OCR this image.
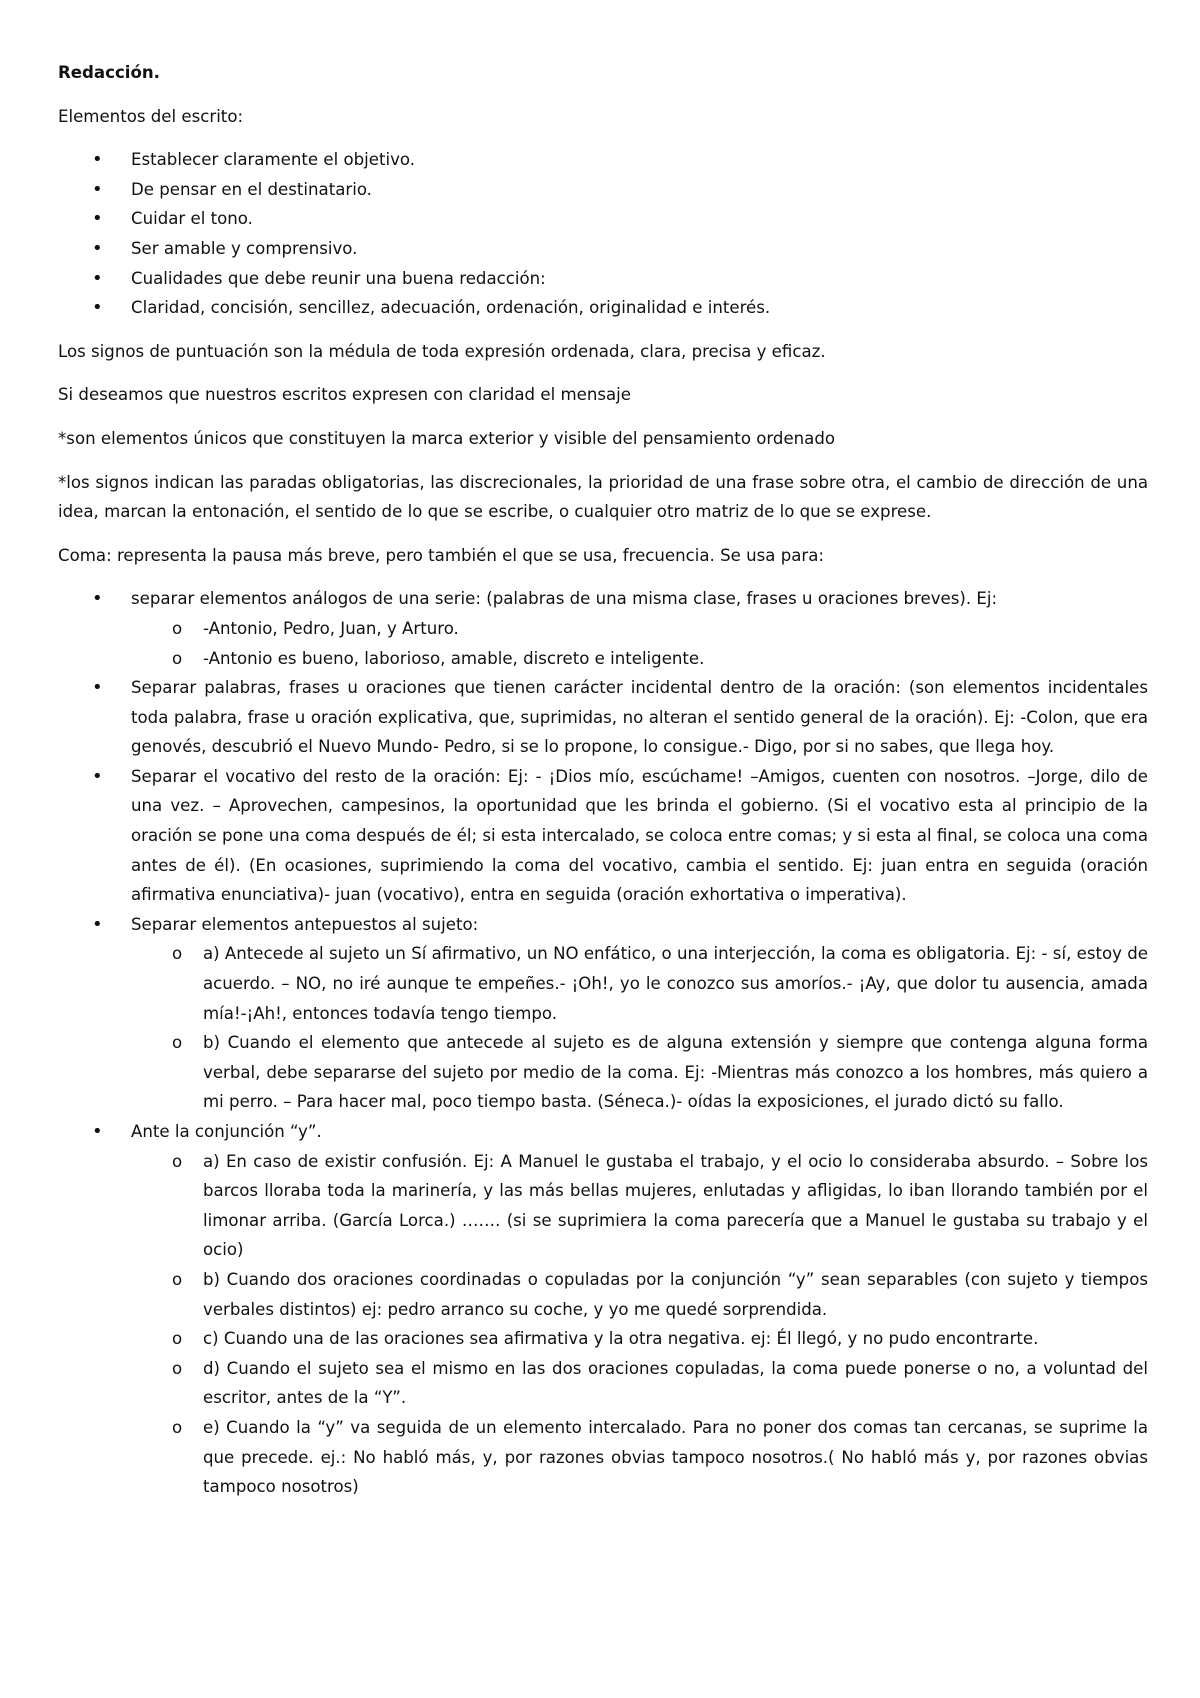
Redacción.

Elementos del escrito:

• Establecer claramente el objetivo.
• De pensar en el destinatario.
• Cuidar el tono.
• Ser amable y comprensivo.
• Cualidades que debe reunir una buena redacción:
• Claridad, concisión, sencillez, adecuación, ordenación, originalidad e interés.

Los signos de puntuación son la médula de toda expresión ordenada, clara, precisa y eficaz.

Si deseamos que nuestros escritos expresen con claridad el mensaje

*son elementos únicos que constituyen la marca exterior y visible del pensamiento ordenado

*los signos indican las paradas obligatorias, las discrecionales, la prioridad de una frase sobre otra, el cambio de dirección de una idea, marcan la entonación, el sentido de lo que se escribe, o cualquier otro matriz de lo que se exprese.

Coma: representa la pausa más breve, pero también el que se usa, frecuencia. Se usa para:

• separar elementos análogos de una serie: (palabras de una misma clase, frases u oraciones breves). Ej:
o -Antonio, Pedro, Juan, y Arturo.
o -Antonio es bueno, laborioso, amable, discreto e inteligente.
• Separar palabras, frases u oraciones que tienen carácter incidental dentro de la oración: (son elementos incidentales toda palabra, frase u oración explicativa, que, suprimidas, no alteran el sentido general de la oración). Ej: -Colon, que era genovés, descubrió el Nuevo Mundo- Pedro, si se lo propone, lo consigue.- Digo, por si no sabes, que llega hoy.
• Separar el vocativo del resto de la oración: Ej: - ¡Dios mío, escúchame! –Amigos, cuenten con nosotros. –Jorge, dilo de una vez. – Aprovechen, campesinos, la oportunidad que les brinda el gobierno. (Si el vocativo esta al principio de la oración se pone una coma después de él; si esta intercalado, se coloca entre comas; y si esta al final, se coloca una coma antes de él). (En ocasiones, suprimiendo la coma del vocativo, cambia el sentido. Ej: juan entra en seguida (oración afirmativa enunciativa)- juan (vocativo), entra en seguida (oración exhortativa o imperativa).
• Separar elementos antepuestos al sujeto:
o a) Antecede al sujeto un Sí afirmativo, un NO enfático, o una interjección, la coma es obligatoria. Ej: - sí, estoy de acuerdo. – NO, no iré aunque te empeñes.- ¡Oh!, yo le conozco sus amoríos.- ¡Ay, que dolor tu ausencia, amada mía!-¡Ah!, entonces todavía tengo tiempo.
o b) Cuando el elemento que antecede al sujeto es de alguna extensión y siempre que contenga alguna forma verbal, debe separarse del sujeto por medio de la coma. Ej: -Mientras más conozco a los hombres, más quiero a mi perro. – Para hacer mal, poco tiempo basta. (Séneca.)- oídas la exposiciones, el jurado dictó su fallo.
• Ante la conjunción “y”.
o a) En caso de existir confusión. Ej: A Manuel le gustaba el trabajo, y el ocio lo consideraba absurdo. – Sobre los barcos lloraba toda la marinería, y las más bellas mujeres, enlutadas y afligidas, lo iban llorando también por el limonar arriba. (García Lorca.) ……. (si se suprimiera la coma parecería que a Manuel le gustaba su trabajo y el ocio)
o b) Cuando dos oraciones coordinadas o copuladas por la conjunción “y” sean separables (con sujeto y tiempos verbales distintos) ej: pedro arranco su coche, y yo me quedé sorprendida.
o c) Cuando una de las oraciones sea afirmativa y la otra negativa. ej: Él llegó, y no pudo encontrarte.
o d) Cuando el sujeto sea el mismo en las dos oraciones copuladas, la coma puede ponerse o no, a voluntad del escritor, antes de la “Y”.
o e) Cuando la “y” va seguida de un elemento intercalado. Para no poner dos comas tan cercanas, se suprime la que precede. ej.: No habló más, y, por razones obvias tampoco nosotros.( No habló más y, por razones obvias tampoco nosotros)
